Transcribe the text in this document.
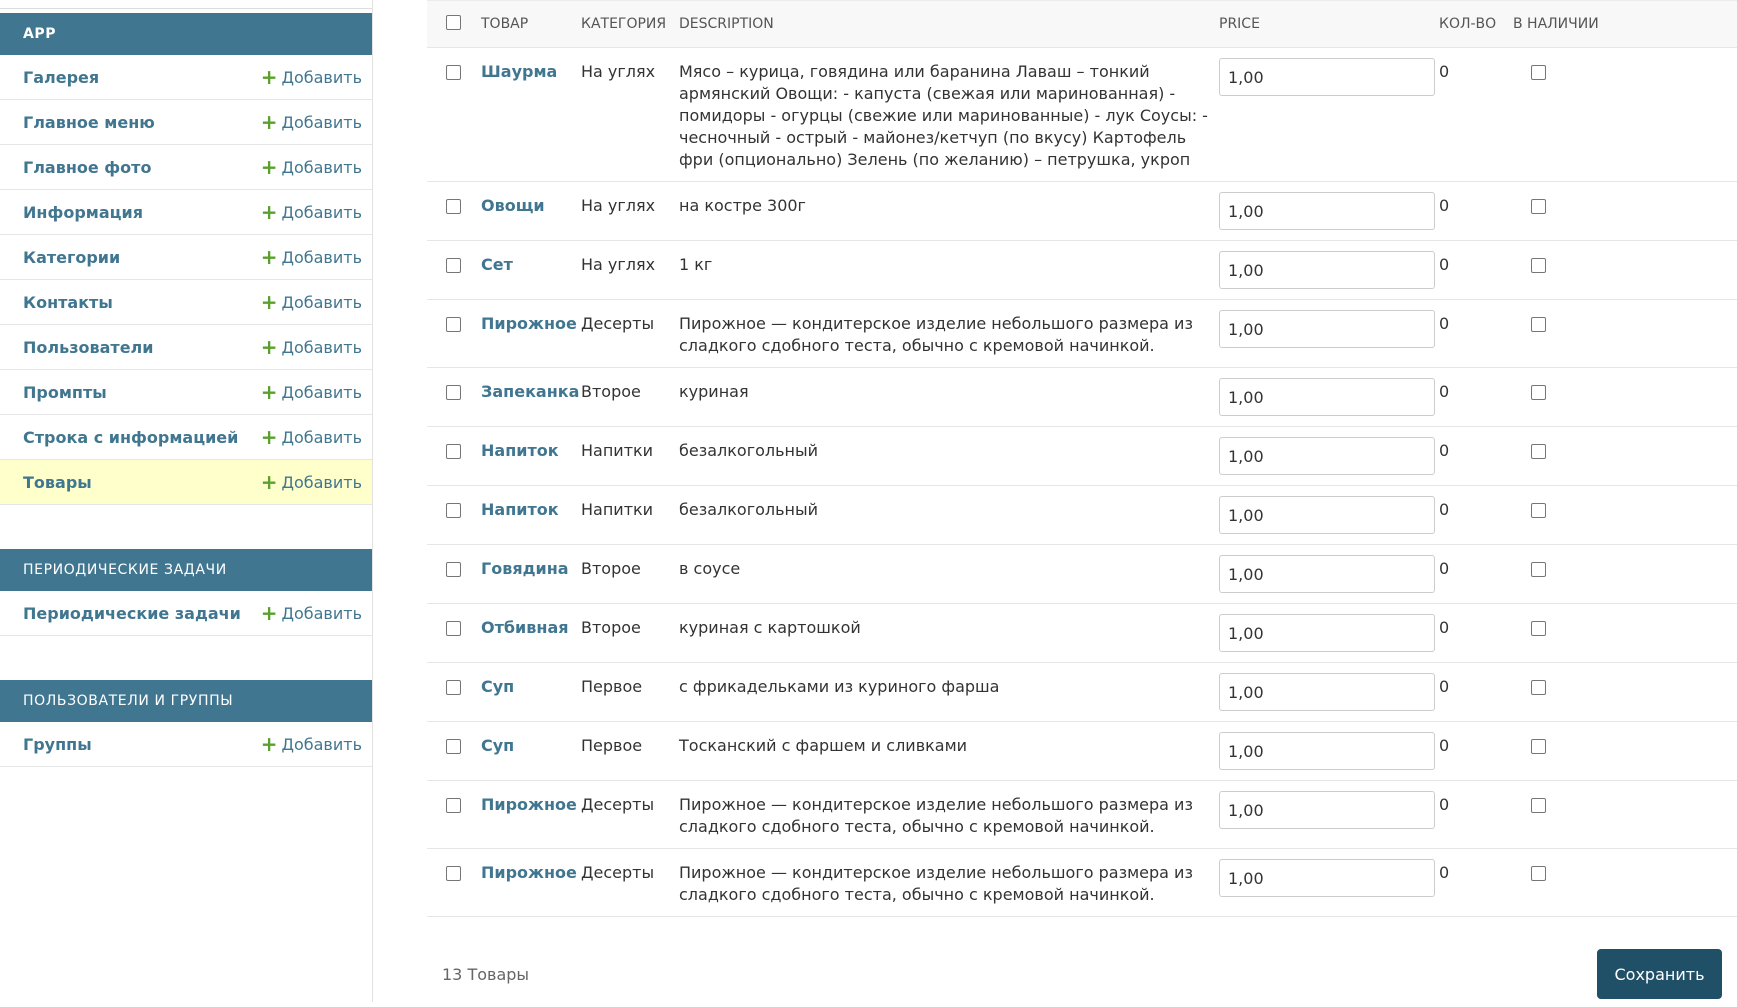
APP
Галерея	+ Добавить
Главное меню	+ Добавить
Главное фото	+ Добавить
Информация	+ Добавить
Категории	+ Добавить
Контакты	+ Добавить
Пользователи	+ Добавить
Промпты	+ Добавить
Строка с информацией	+ Добавить
Товары	+ Добавить
ПЕРИОДИЧЕСКИЕ ЗАДАЧИ
Периодические задачи + Добавить
ПОЛЬЗОВАТЕЛИ И ГРУППЫ
Группы	+ Добавить
	ТОВАР	КАТЕГОРИЯ	DESCRIPTION	PRICE	КОЛ-ВО	В НАЛИЧИИ
	Шаурма	На углях	Мясо – курица, говядина или баранина Лаваш – тонкий армянский Овощи: - капуста (свежая или маринованная) - помидоры - огурцы (свежие или маринованные) - лук Соусы: - чесночный - острый - майонез/кетчуп (по вкусу) Картофель фри (опционально) Зелень (по желанию) – петрушка, укроп	1,00	0	
	Овощи	На углях	на костре 300г	1,00	0	
	Сет	На углях	1 кг	1,00	0	
	Пирожное	Десерты	Пирожное — кондитерское изделие небольшого размера из сладкого сдобного теста, обычно с кремовой начинкой.	1,00	0	
	Запеканка	Второе	куриная	1,00	0	
	Напиток	Напитки	безалкогольный	1,00	0	
	Напиток	Напитки	безалкогольный	1,00	0	
	Говядина	Второе	в соусе	1,00	0	
	Отбивная	Второе	куриная с картошкой	1,00	0	
	Суп	Первое	с фрикадельками из куриного фарша	1,00	0	
	Суп	Первое	Тосканский с фаршем и сливками	1,00	0	
	Пирожное	Десерты	Пирожное — кондитерское изделие небольшого размера из сладкого сдобного теста, обычно с кремовой начинкой.	1,00	0	
	Пирожное	Десерты	Пирожное — кондитерское изделие небольшого размера из сладкого сдобного теста, обычно с кремовой начинкой.	1,00	0	
13 Товары	Сохранить
